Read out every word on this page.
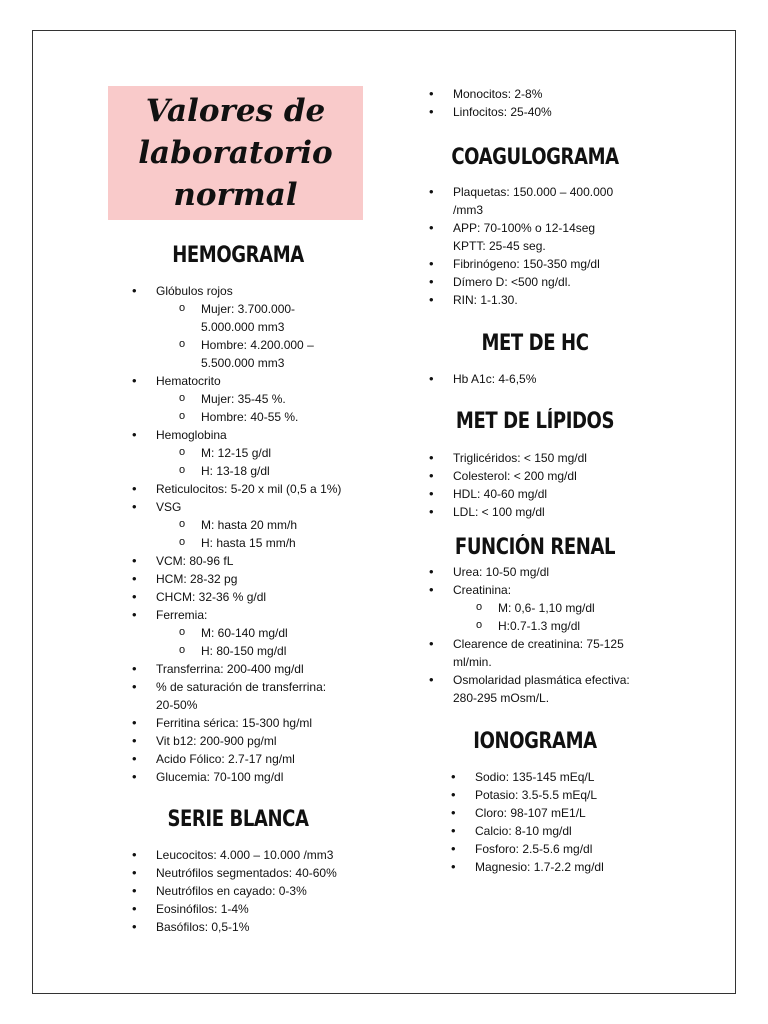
Valores de
laboratorio
normal
HEMOGRAMA
• Glóbulos rojos
o Mujer: 3.700.000-
5.000.000 mm3
o Hombre: 4.200.000 –
5.500.000 mm3
• Hematocrito
o Mujer: 35-45 %.
o Hombre: 40-55 %.
• Hemoglobina
o M: 12-15 g/dl
o H: 13-18 g/dl
• Reticulocitos: 5-20 x mil (0,5 a 1%)
• VSG
o M: hasta 20 mm/h
o H: hasta 15 mm/h
• VCM: 80-96 fL
• HCM: 28-32 pg
• CHCM: 32-36 % g/dl
• Ferremia:
o M: 60-140 mg/dl
o H: 80-150 mg/dl
• Transferrina: 200-400 mg/dl
• % de saturación de transferrina:
20-50%
• Ferritina sérica: 15-300 hg/ml
• Vit b12: 200-900 pg/ml
• Acido Fólico: 2.7-17 ng/ml
• Glucemia: 70-100 mg/dl
SERIE BLANCA
• Leucocitos: 4.000 – 10.000 /mm3
• Neutrófilos segmentados: 40-60%
• Neutrófilos en cayado: 0-3%
• Eosinófilos: 1-4%
• Basófilos: 0,5-1%
• Monocitos: 2-8%
• Linfocitos: 25-40%
COAGULOGRAMA
• Plaquetas: 150.000 – 400.000
/mm3
• APP: 70-100% o 12-14seg
KPTT: 25-45 seg.
• Fibrinógeno: 150-350 mg/dl
• Dímero D: <500 ng/dl.
• RIN: 1-1.30.
MET DE HC
• Hb A1c: 4-6,5%
MET DE LÍPIDOS
• Triglicéridos: < 150 mg/dl
• Colesterol: < 200 mg/dl
• HDL: 40-60 mg/dl
• LDL: < 100 mg/dl
FUNCIÓN RENAL
• Urea: 10-50 mg/dl
• Creatinina:
o M: 0,6- 1,10 mg/dl
o H:0.7-1.3 mg/dl
• Clearence de creatinina: 75-125
ml/min.
• Osmolaridad plasmática efectiva:
280-295 mOsm/L.
IONOGRAMA
• Sodio: 135-145 mEq/L
• Potasio: 3.5-5.5 mEq/L
• Cloro: 98-107 mE1/L
• Calcio: 8-10 mg/dl
• Fosforo: 2.5-5.6 mg/dl
• Magnesio: 1.7-2.2 mg/dl
